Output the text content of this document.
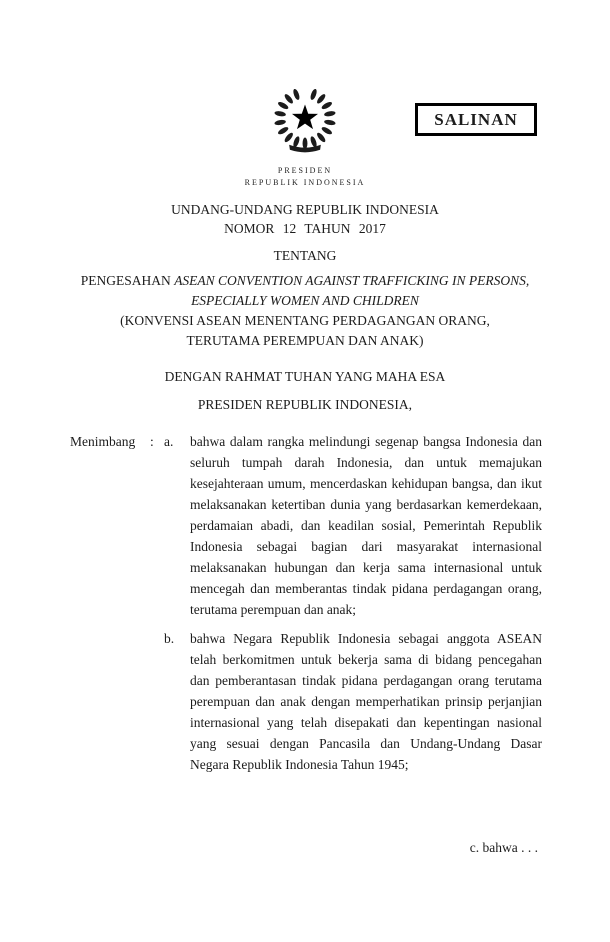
SALINAN
PRESIDEN
REPUBLIK INDONESIA
UNDANG-UNDANG REPUBLIK INDONESIA
NOMOR 12 TAHUN 2017
TENTANG
PENGESAHAN ASEAN CONVENTION AGAINST TRAFFICKING IN PERSONS,
ESPECIALLY WOMEN AND CHILDREN
(KONVENSI ASEAN MENENTANG PERDAGANGAN ORANG,
TERUTAMA PEREMPUAN DAN ANAK)
DENGAN RAHMAT TUHAN YANG MAHA ESA
PRESIDEN REPUBLIK INDONESIA,
Menimbang	: a.	bahwa dalam rangka melindungi segenap bangsa Indonesia dan seluruh tumpah darah Indonesia, dan untuk memajukan kesejahteraan umum, mencerdaskan kehidupan bangsa, dan ikut melaksanakan ketertiban dunia yang berdasarkan kemerdekaan, perdamaian abadi, dan keadilan sosial, Pemerintah Republik Indonesia sebagai bagian dari masyarakat internasional melaksanakan hubungan dan kerja sama internasional untuk mencegah dan memberantas tindak pidana perdagangan orang, terutama perempuan dan anak;
b.	bahwa Negara Republik Indonesia sebagai anggota ASEAN telah berkomitmen untuk bekerja sama di bidang pencegahan dan pemberantasan tindak pidana perdagangan orang terutama perempuan dan anak dengan memperhatikan prinsip perjanjian internasional yang telah disepakati dan kepentingan nasional yang sesuai dengan Pancasila dan Undang-Undang Dasar Negara Republik Indonesia Tahun 1945;
c. bahwa . . .
